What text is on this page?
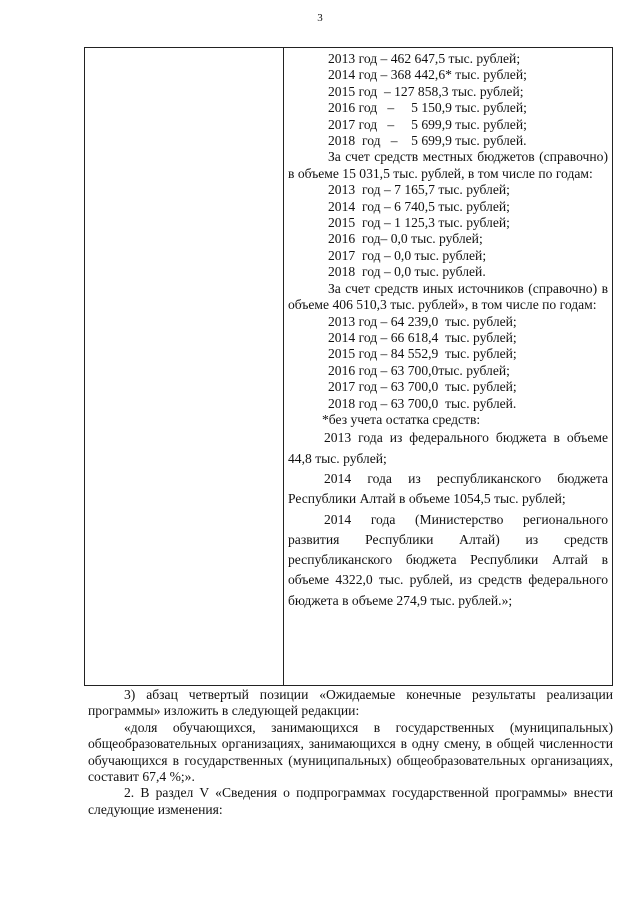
3
2013 год – 462 647,5 тыс. рублей;
2014 год – 368 442,6* тыс. рублей;
2015 год  – 127 858,3 тыс. рублей;
2016 год   –     5 150,9 тыс. рублей;
2017 год   –     5 699,9 тыс. рублей;
2018  год   –    5 699,9 тыс. рублей.
За счет средств местных бюджетов (справочно) в объеме 15 031,5 тыс. рублей, в том числе по годам:
2013  год – 7 165,7 тыс. рублей;
2014  год – 6 740,5 тыс. рублей;
2015  год – 1 125,3 тыс. рублей;
2016  год– 0,0 тыс. рублей;
2017  год – 0,0 тыс. рублей;
2018  год – 0,0 тыс. рублей.
За счет средств иных источников (справочно) в объеме 406 510,3 тыс. рублей», в том числе по годам:
2013 год – 64 239,0  тыс. рублей;
2014 год – 66 618,4  тыс. рублей;
2015 год – 84 552,9  тыс. рублей;
2016 год – 63 700,0тыс. рублей;
2017 год – 63 700,0  тыс. рублей;
2018 год – 63 700,0  тыс. рублей.
*без учета остатка средств:

2013 года из федерального бюджета в объеме 44,8 тыс. рублей;

2014 года из республиканского бюджета Республики Алтай в объеме 1054,5 тыс. рублей;

2014 года (Министерство регионального развития Республики Алтай) из средств республиканского бюджета Республики Алтай в объеме 4322,0 тыс. рублей, из средств федерального бюджета в объеме 274,9 тыс. рублей.»;

3) абзац четвертый позиции «Ожидаемые конечные результаты реализации программы» изложить в следующей редакции:

«доля обучающихся, занимающихся в государственных (муниципальных) общеобразовательных организациях, занимающихся в одну смену, в общей численности обучающихся в государственных (муниципальных) общеобразовательных организациях, составит 67,4 %;».

2. В раздел V «Сведения о подпрограммах государственной программы» внести следующие изменения:
